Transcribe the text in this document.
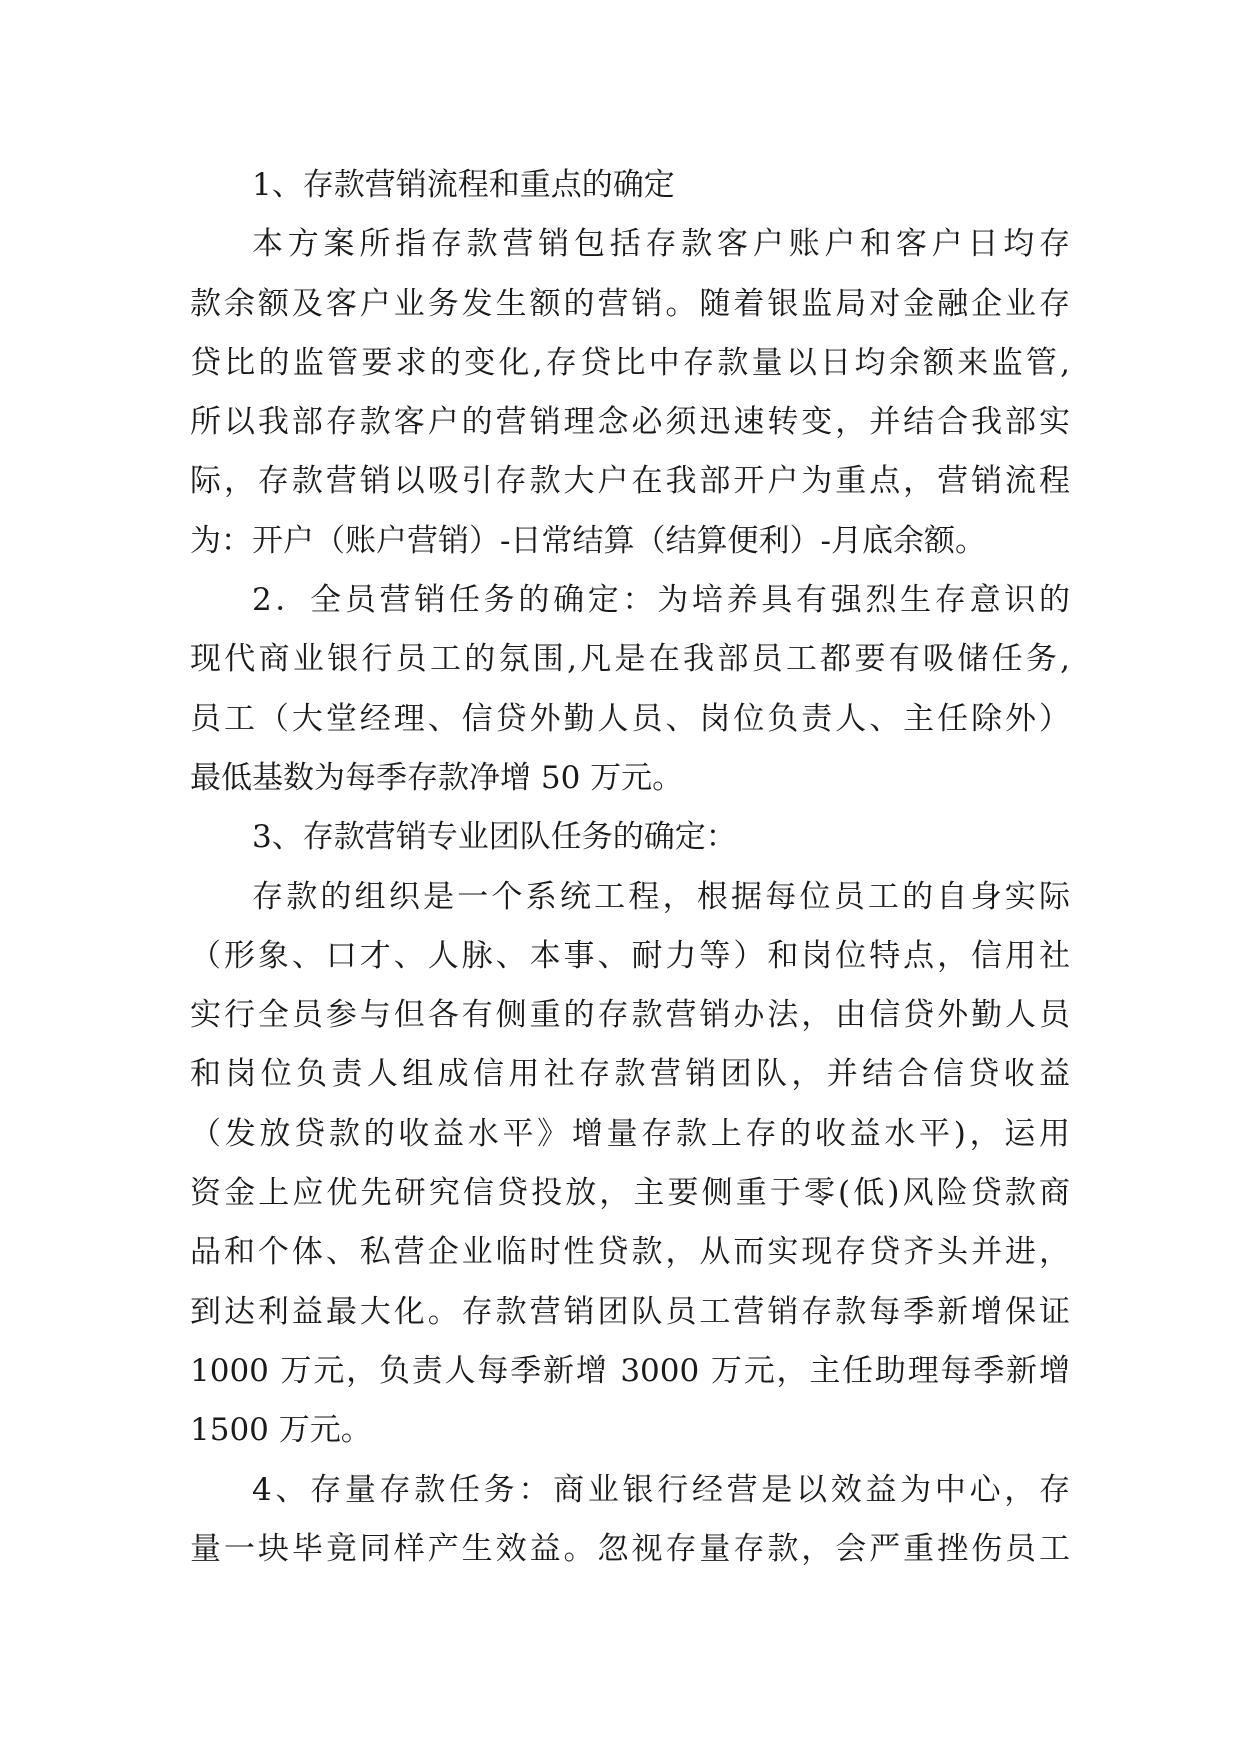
1、存款营销流程和重点的确定
本方案所指存款营销包括存款客户账户和客户日均存
款余额及客户业务发生额的营销。随着银监局对金融企业存
贷比的监管要求的变化,存贷比中存款量以日均余额来监管,
所以我部存款客户的营销理念必须迅速转变，并结合我部实
际，存款营销以吸引存款大户在我部开户为重点，营销流程
为：开户（账户营销）-日常结算（结算便利）-月底余额。
2．全员营销任务的确定：为培养具有强烈生存意识的
现代商业银行员工的氛围,凡是在我部员工都要有吸储任务,
员工（大堂经理、信贷外勤人员、岗位负责人、主任除外）
最低基数为每季存款净增 50 万元。
3、存款营销专业团队任务的确定：
存款的组织是一个系统工程，根据每位员工的自身实际
（形象、口才、人脉、本事、耐力等）和岗位特点，信用社
实行全员参与但各有侧重的存款营销办法，由信贷外勤人员
和岗位负责人组成信用社存款营销团队，并结合信贷收益
（发放贷款的收益水平》增量存款上存的收益水平)，运用
资金上应优先研究信贷投放，主要侧重于零(低)风险贷款商
品和个体、私营企业临时性贷款，从而实现存贷齐头并进，
到达利益最大化。存款营销团队员工营销存款每季新增保证
1000 万元，负责人每季新增 3000 万元，主任助理每季新增
1500 万元。
4、存量存款任务：商业银行经营是以效益为中心，存
量一块毕竟同样产生效益。忽视存量存款，会严重挫伤员工
